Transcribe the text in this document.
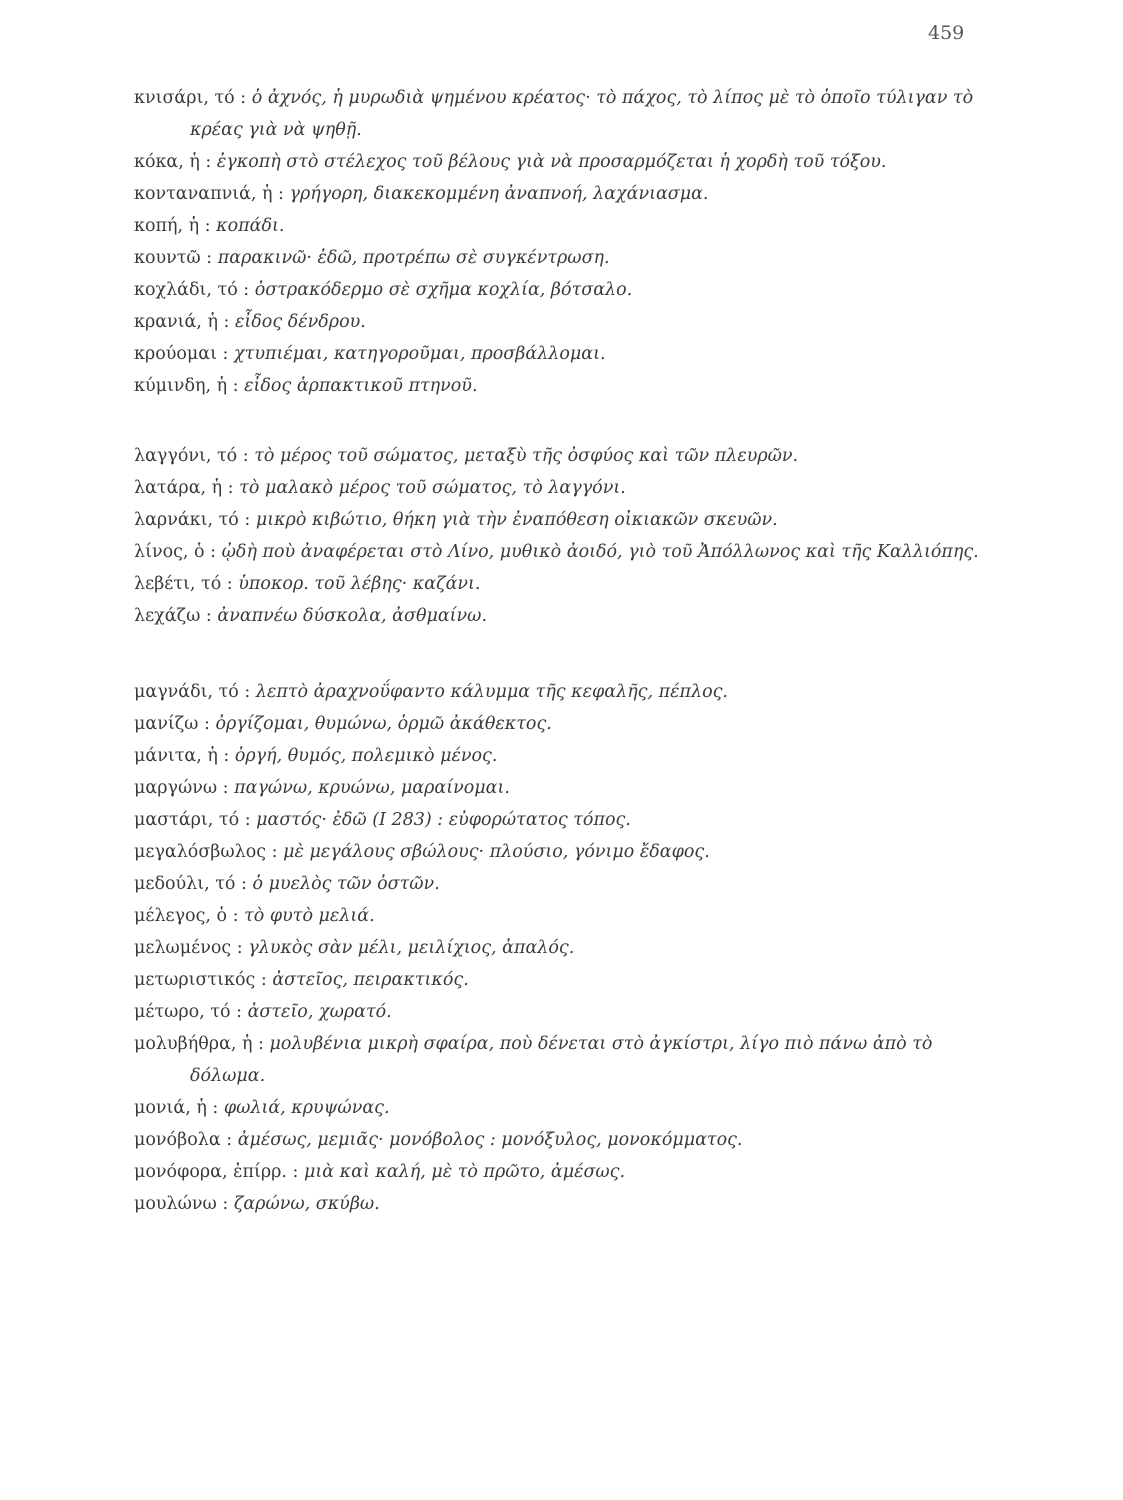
459
κνισάρι, τό : ὁ ἀχνός, ἡ μυρωδιὰ ψημένου κρέατος· τὸ πάχος, τὸ λίπος μὲ τὸ ὁποῖο τύλιγαν τὸ κρέας γιὰ νὰ ψηθῇ.
κόκα, ἡ : ἐγκοπὴ στὸ στέλεχος τοῦ βέλους γιὰ νὰ προσαρμόζεται ἡ χορδὴ τοῦ τόξου.
κονταναπνιά, ἡ : γρήγορη, διακεκομμένη ἀναπνοή, λαχάνιασμα.
κοπή, ἡ : κοπάδι.
κουντῶ : παρακινῶ· ἐδῶ, προτρέπω σὲ συγκέντρωση.
κοχλάδι, τό : ὀστρακόδερμο σὲ σχῆμα κοχλία, βότσαλο.
κρανιά, ἡ : εἶδος δένδρου.
κρούομαι : χτυπιέμαι, κατηγοροῦμαι, προσβάλλομαι.
κύμινδη, ἡ : εἶδος ἁρπακτικοῦ πτηνοῦ.
λαγγόνι, τό : τὸ μέρος τοῦ σώματος, μεταξὺ τῆς ὀσφύος καὶ τῶν πλευρῶν.
λατάρα, ἡ : τὸ μαλακὸ μέρος τοῦ σώματος, τὸ λαγγόνι.
λαρνάκι, τό : μικρὸ κιβώτιο, θήκη γιὰ τὴν ἐναπόθεση οἰκιακῶν σκευῶν.
λίνος, ὁ : ᾠδὴ ποὺ ἀναφέρεται στὸ Λίνο, μυθικὸ ἀοιδό, γιὸ τοῦ Ἀπόλλωνος καὶ τῆς Καλλιόπης.
λεβέτι, τό : ὑποκορ. τοῦ λέβης· καζάνι.
λεχάζω : ἀναπνέω δύσκολα, ἀσθμαίνω.
μαγνάδι, τό : λεπτὸ ἀραχνοΰφαντο κάλυμμα τῆς κεφαλῆς, πέπλος.
μανίζω : ὀργίζομαι, θυμώνω, ὁρμῶ ἀκάθεκτος.
μάνιτα, ἡ : ὀργή, θυμός, πολεμικὸ μένος.
μαργώνω : παγώνω, κρυώνω, μαραίνομαι.
μαστάρι, τό : μαστός· ἐδῶ (Ι 283) : εὐφορώτατος τόπος.
μεγαλόσβωλος : μὲ μεγάλους σβώλους· πλούσιο, γόνιμο ἔδαφος.
μεδούλι, τό : ὁ μυελὸς τῶν ὀστῶν.
μέλεγος, ὁ : τὸ φυτὸ μελιά.
μελωμένος : γλυκὸς σὰν μέλι, μειλίχιος, ἁπαλός.
μετωριστικός : ἀστεῖος, πειρακτικός.
μέτωρο, τό : ἀστεῖο, χωρατό.
μολυβήθρα, ἡ : μολυβένια μικρὴ σφαίρα, ποὺ δένεται στὸ ἀγκίστρι, λίγο πιὸ πάνω ἀπὸ τὸ δόλωμα.
μονιά, ἡ : φωλιά, κρυψώνας.
μονόβολα : ἀμέσως, μεμιᾶς· μονόβολος : μονόξυλος, μονοκόμματος.
μονόφορα, ἐπίρρ. : μιὰ καὶ καλή, μὲ τὸ πρῶτο, ἀμέσως.
μουλώνω : ζαρώνω, σκύβω.
